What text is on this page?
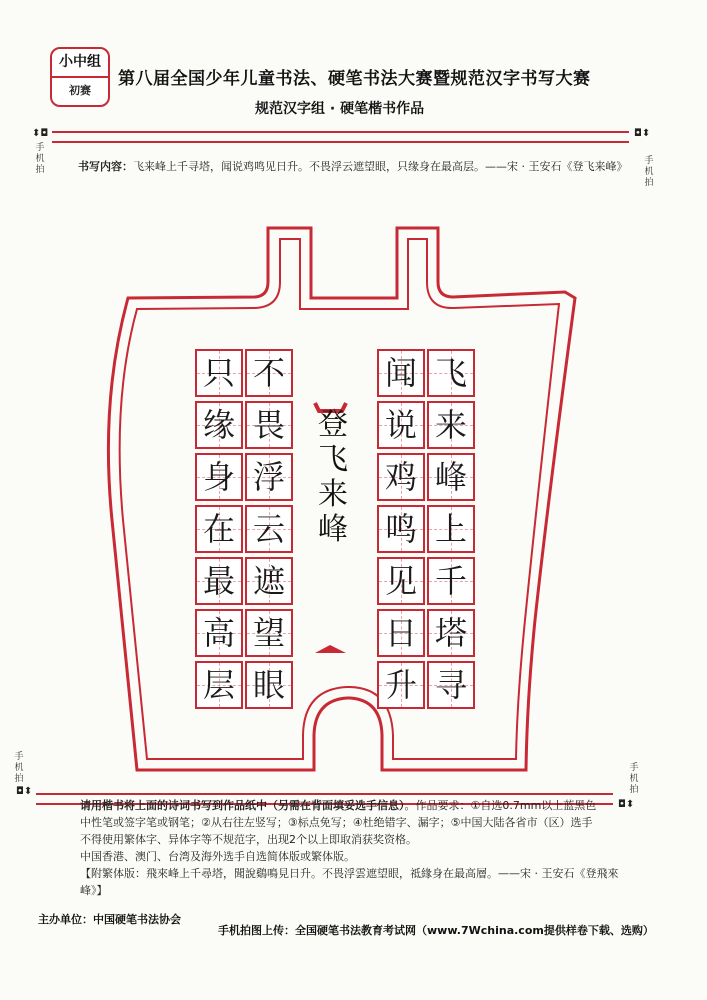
小中组
初赛
第八届全国少年儿童书法、硬笔书法大赛暨规范汉字书写大赛
规范汉字组 · 硬笔楷书作品
⬍◘	◘⬍
手机拍
手机拍
书写内容：飞来峰上千寻塔，闻说鸡鸣见日升。不畏浮云遮望眼，只缘身在最高层。——宋 · 王安石《登飞来峰》
飞
来
峰
上
千
塔
寻
闻
说
鸡
鸣
见
日
升
不
畏
浮
云
遮
望
眼
只
缘
身
在
最
高
层
登
飞
来
峰
手机拍
手机拍
◘⬍
◘⬍
请用楷书将上面的诗词书写到作品纸中（另需在背面填妥选手信息）。作品要求：①自选0.7mm以上蓝黑色
中性笔或签字笔或钢笔；②从右往左竖写；③标点免写；④杜绝错字、漏字；⑤中国大陆各省市（区）选手
不得使用繁体字、异体字等不规范字，出现2个以上即取消获奖资格。
中国香港、澳门、台湾及海外选手自选简体版或繁体版。
【附繁体版：飛來峰上千尋塔，聞說鷄鳴見日升。不畏浮雲遮望眼，祗緣身在最高層。——宋 · 王安石《登飛來峰》】
主办单位：中国硬笔书法协会
手机拍图上传：全国硬笔书法教育考试网（www.7Wchina.com提供样卷下载、选购）
